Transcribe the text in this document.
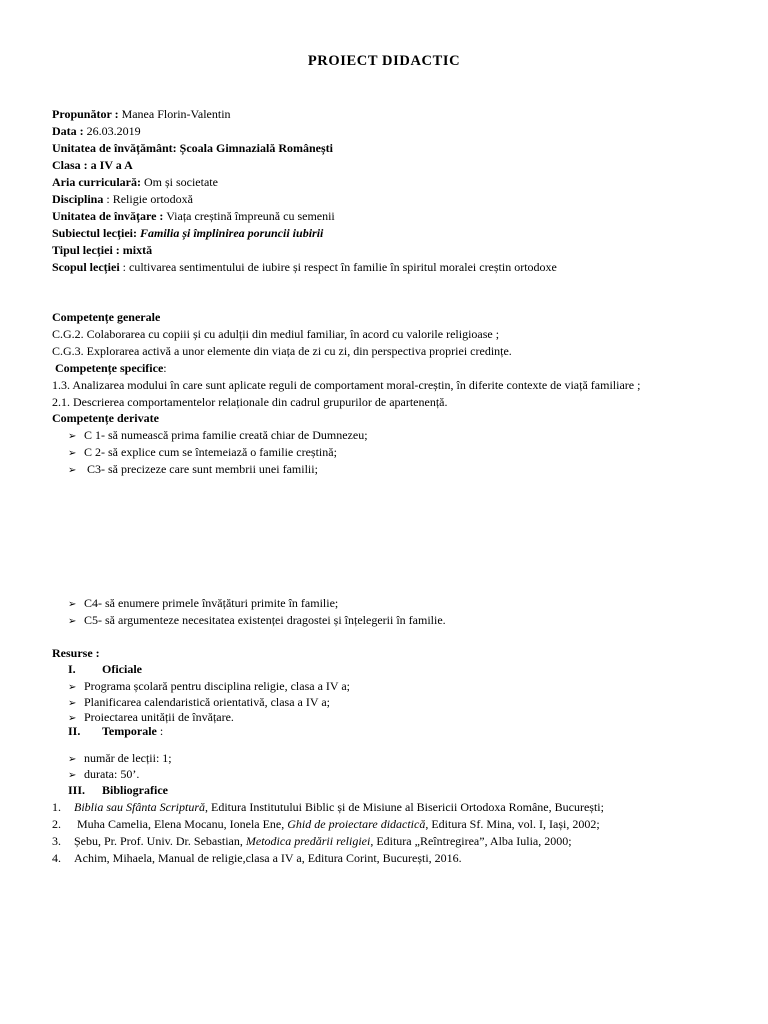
PROIECT DIDACTIC
Propunător : Manea Florin-Valentin
Data : 26.03.2019
Unitatea de învățământ: Școala Gimnazială Românești
Clasa : a IV a A
Aria curriculară: Om și societate
Disciplina : Religie ortodoxă
Unitatea de învățare : Viața creștină împreună cu semenii
Subiectul lecției: Familia și împlinirea poruncii iubirii
Tipul lecției : mixtă
Scopul lecției : cultivarea sentimentului de iubire și respect în familie în spiritul moralei creștin ortodoxe
Competențe generale
C.G.2. Colaborarea cu copiii și cu adulții din mediul familiar, în acord cu valorile religioase ;
C.G.3. Explorarea activă a unor elemente din viața de zi cu zi, din perspectiva propriei credințe.
Competențe specifice:
1.3. Analizarea modului în care sunt aplicate reguli de comportament moral-creștin, în diferite contexte de viață familiare ;
2.1. Descrierea comportamentelor relaționale din cadrul grupurilor de apartenență.
Competențe derivate
➢ C 1- să numească prima familie creată chiar de Dumnezeu;
➢ C 2- să explice cum se întemeiază o familie creștină;
➢ C3- să precizeze care sunt membrii unei familii;
➢ C4- să enumere primele învățături primite în familie;
➢ C5- să argumenteze necesitatea existenței dragostei și înțelegerii în familie.
Resurse :
I. Oficiale
➢ Programa școlară pentru disciplina religie, clasa a IV a;
➢ Planificarea calendaristică orientativă, clasa a IV a;
➢ Proiectarea unității de învățare.
II. Temporale :
➢ număr de lecții: 1;
➢ durata: 50’.
III. Bibliografice
1. Biblia sau Sfânta Scriptură, Editura Institutului Biblic și de Misiune al Bisericii Ortodoxa Române, București;
2. Muha Camelia, Elena Mocanu, Ionela Ene, Ghid de proiectare didactică, Editura Sf. Mina, vol. I, Iași, 2002;
3. Șebu, Pr. Prof. Univ. Dr. Sebastian, Metodica predării religiei, Editura „Reîntregirea”, Alba Iulia, 2000;
4. Achim, Mihaela, Manual de religie,clasa a IV a, Editura Corint, București, 2016.
